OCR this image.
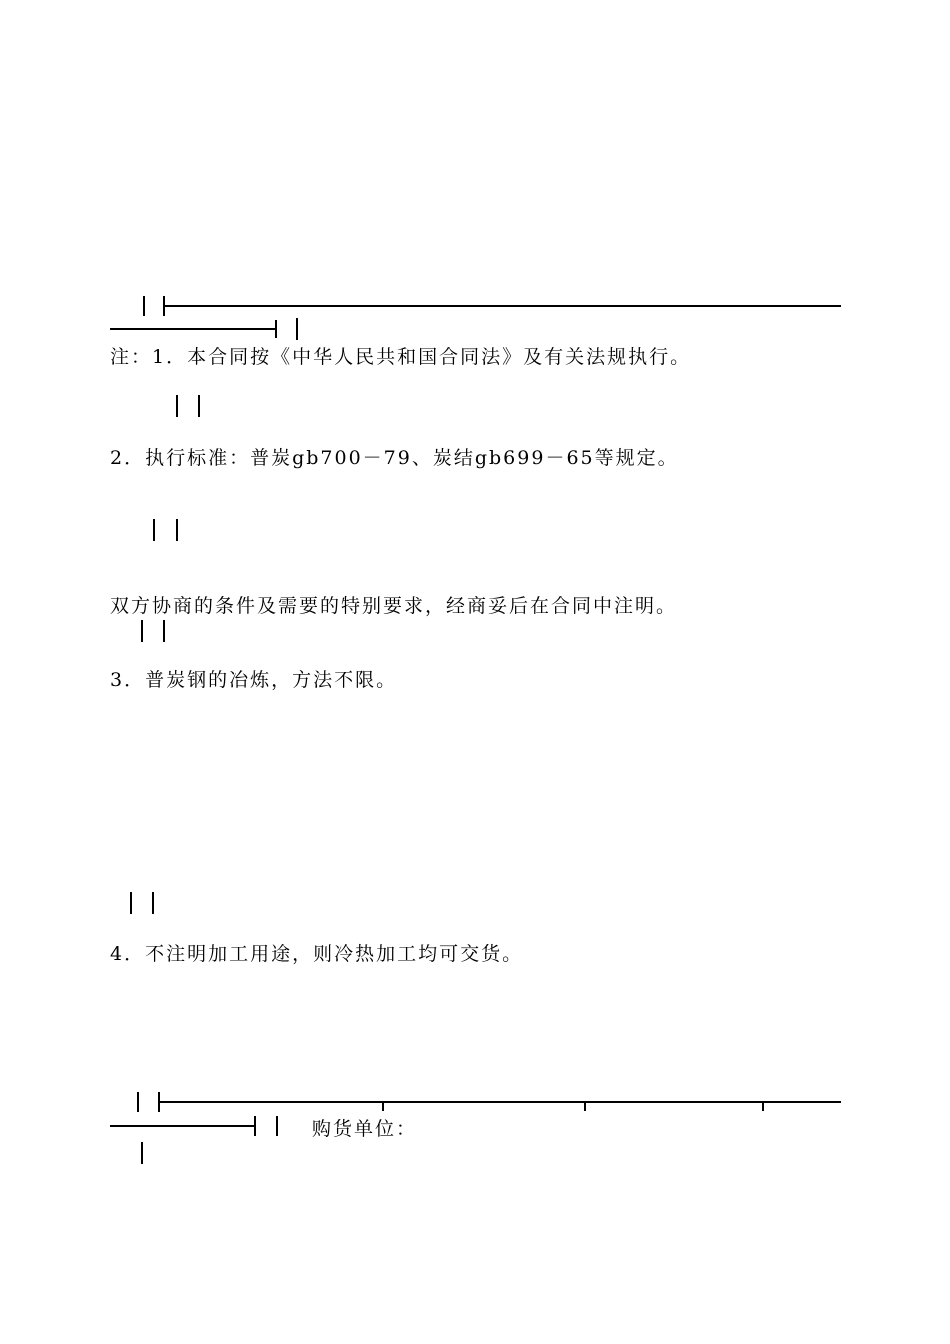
注：1．本合同按《中华人民共和国合同法》及有关法规执行。
2．执行标准：普炭gb700－79、炭结gb699－65等规定。
双方协商的条件及需要的特别要求，经商妥后在合同中注明。
3．普炭钢的冶炼，方法不限。
4．不注明加工用途，则冷热加工均可交货。
购货单位：
